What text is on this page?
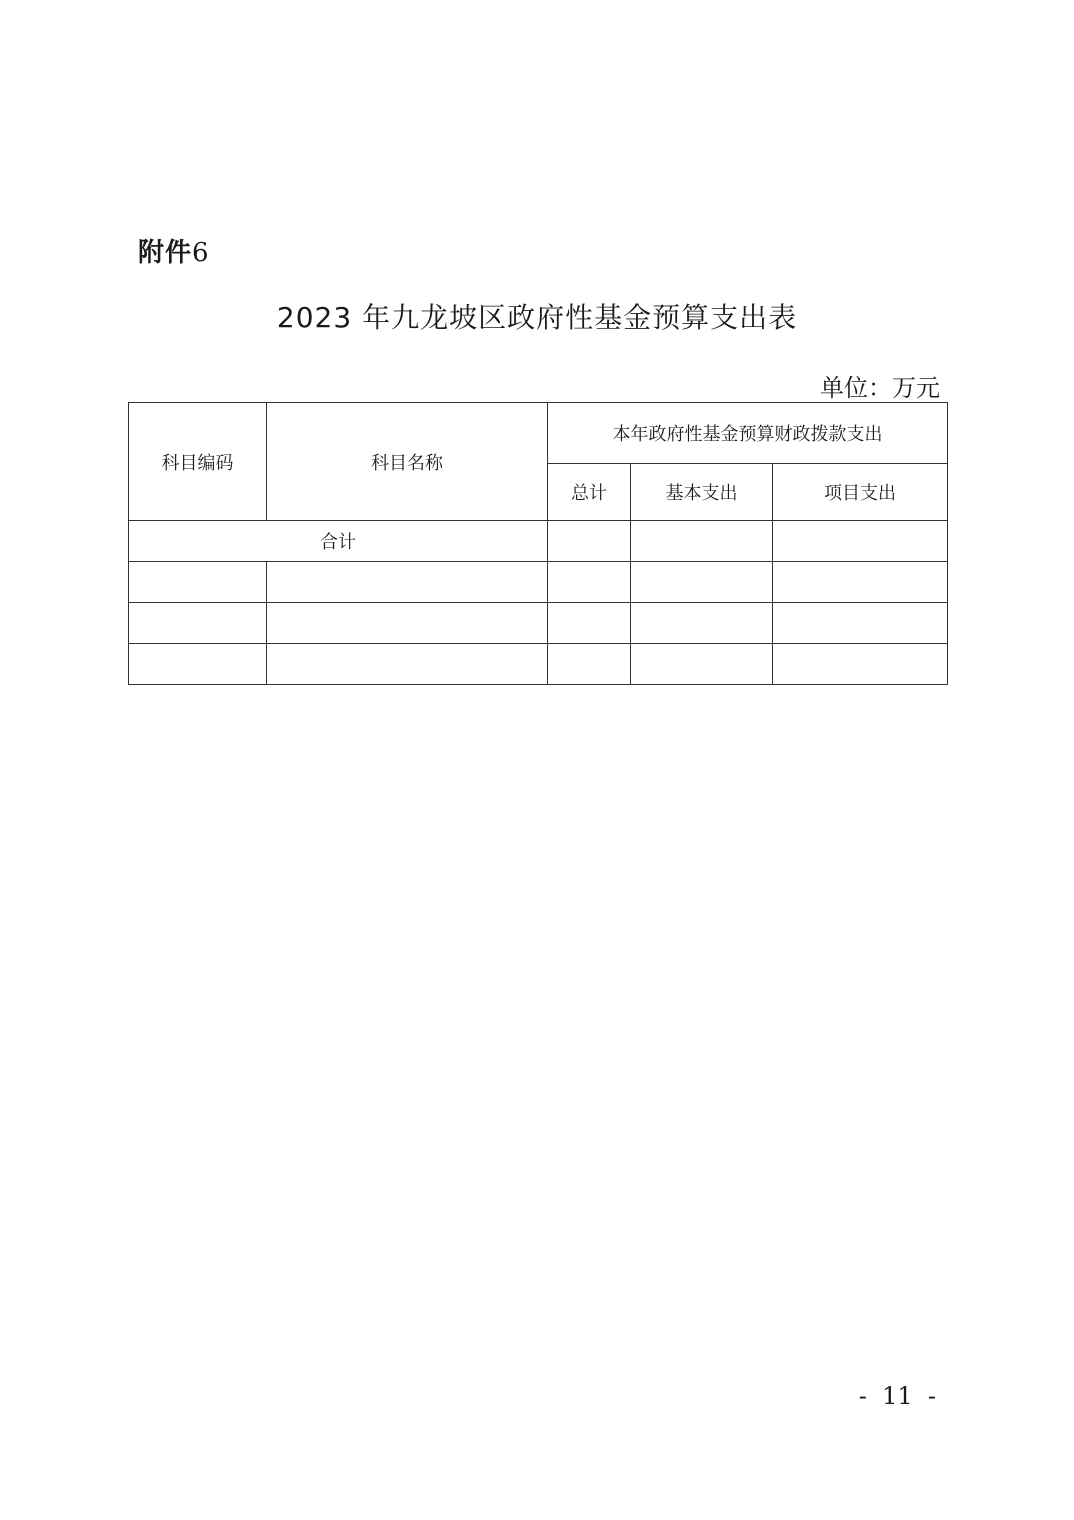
附件6
2023 年九龙坡区政府性基金预算支出表
单位：万元
科目编码	科目名称	本年政府性基金预算财政拨款支出		
		总计	基本支出	项目支出
合计				

-  11  -
